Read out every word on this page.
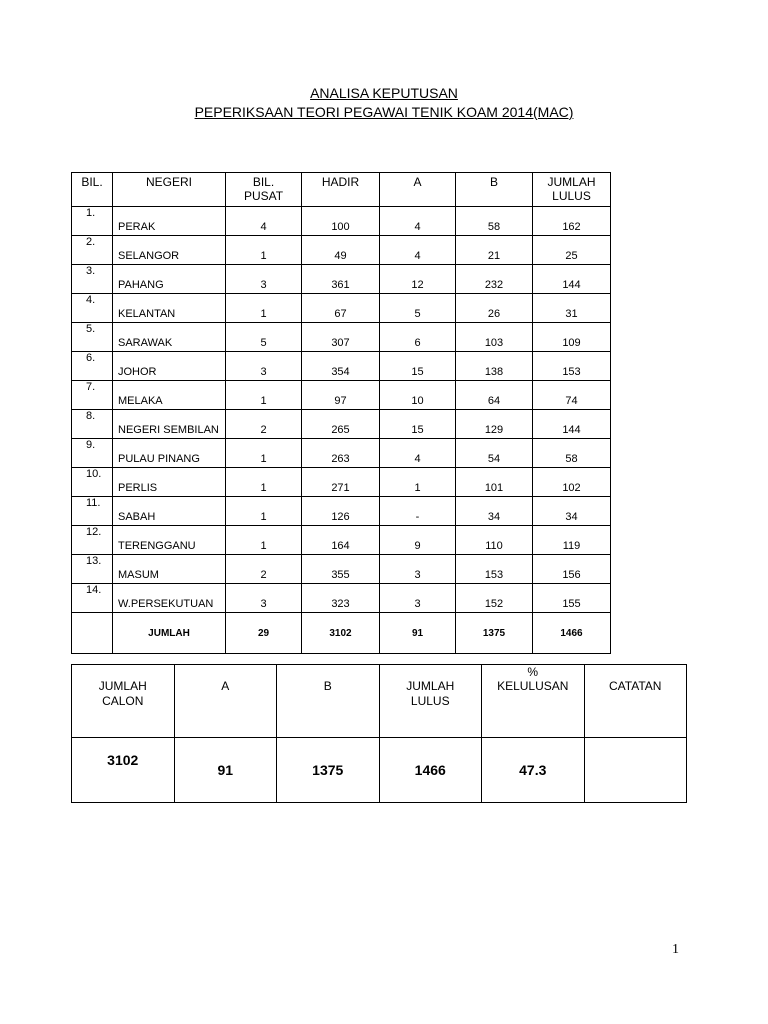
ANALISA KEPUTUSAN
PEPERIKSAAN TEORI PEGAWAI TENIK KOAM 2014(MAC)
BIL.	NEGERI	BIL. PUSAT	HADIR	A	B	JUMLAH LULUS
1.	PERAK	4	100	4	58	162
2.	SELANGOR	1	49	4	21	25
3.	PAHANG	3	361	12	232	144
4.	KELANTAN	1	67	5	26	31
5.	SARAWAK	5	307	6	103	109
6.	JOHOR	3	354	15	138	153
7.	MELAKA	1	97	10	64	74
8.	NEGERI SEMBILAN	2	265	15	129	144
9.	PULAU PINANG	1	263	4	54	58
10.	PERLIS	1	271	1	101	102
11.	SABAH	1	126	-	34	34
12.	TERENGGANU	1	164	9	110	119
13.	MASUM	2	355	3	153	156
14.	W.PERSEKUTUAN	3	323	3	152	155
	JUMLAH	29	3102	91	1375	1466
JUMLAH CALON	A	B	JUMLAH LULUS	% KELULUSAN	CATATAN
3102	91	1375	1466	47.3	
1
